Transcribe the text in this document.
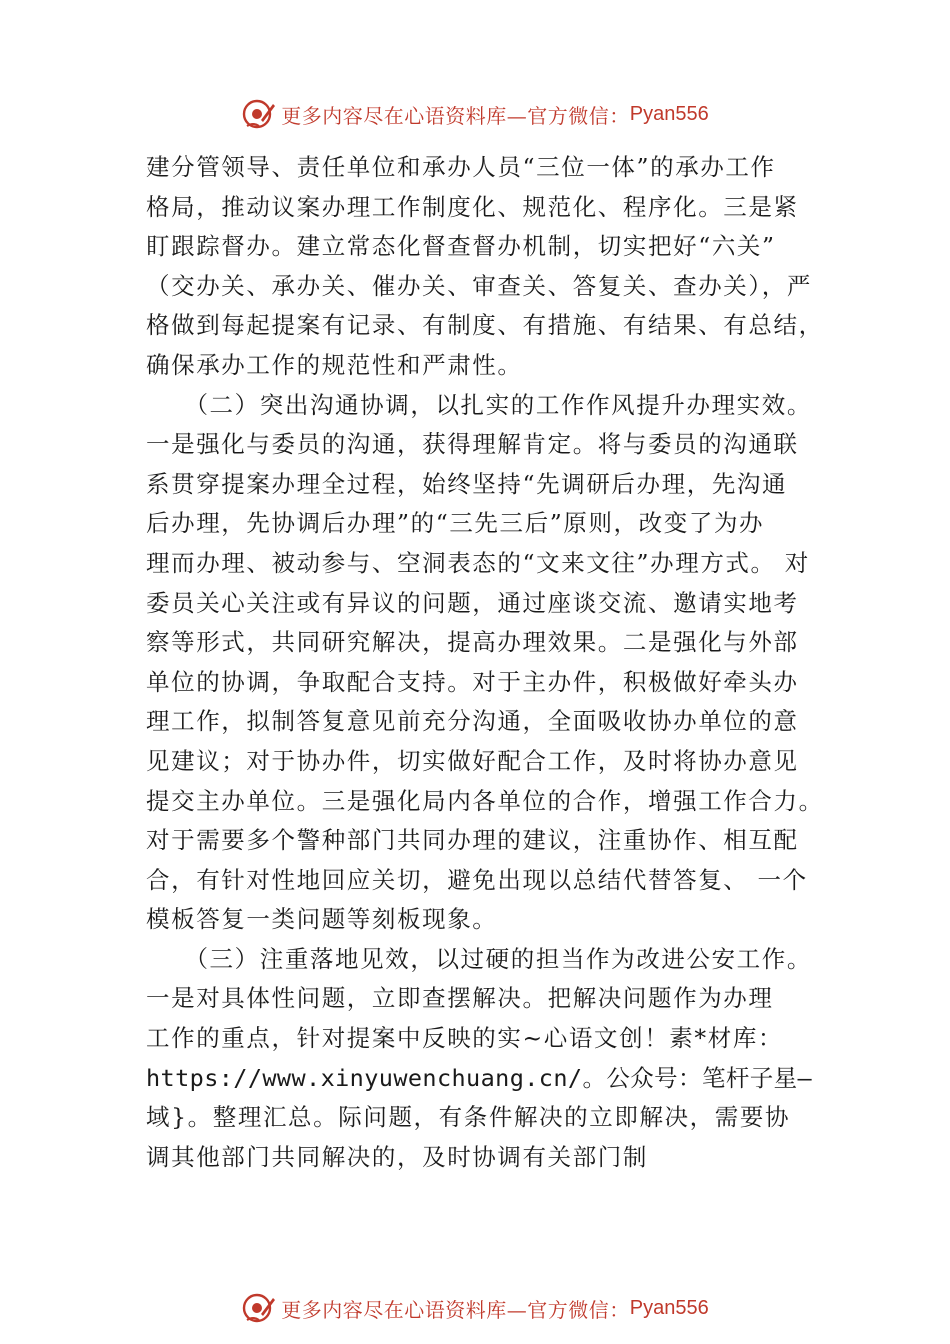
更多内容尽在心语资料库—官方微信： Pyan556
建分管领导、责任单位和承办人员“三位一体”的承办工作
格局，推动议案办理工作制度化、规范化、程序化。三是紧
盯跟踪督办。建立常态化督查督办机制，切实把好“六关”
（交办关、承办关、催办关、审查关、答复关、查办关），严
格做到每起提案有记录、有制度、有措施、有结果、有总结，
确保承办工作的规范性和严肃性。
　　（二）突出沟通协调，以扎实的工作作风提升办理实效。
一是强化与委员的沟通，获得理解肯定。将与委员的沟通联
系贯穿提案办理全过程，始终坚持“先调研后办理，先沟通
后办理，先协调后办理”的“三先三后”原则，改变了为办
理而办理、被动参与、空洞表态的“文来文往”办理方式。 对
委员关心关注或有异议的问题，通过座谈交流、邀请实地考
察等形式，共同研究解决，提高办理效果。二是强化与外部
单位的协调，争取配合支持。对于主办件，积极做好牵头办
理工作，拟制答复意见前充分沟通，全面吸收协办单位的意
见建议；对于协办件，切实做好配合工作，及时将协办意见
提交主办单位。三是强化局内各单位的合作，增强工作合力。
对于需要多个警种部门共同办理的建议，注重协作、相互配
合，有针对性地回应关切，避免出现以总结代替答复、 一个
模板答复一类问题等刻板现象。
　　（三）注重落地见效，以过硬的担当作为改进公安工作。
一是对具体性问题，立即查摆解决。把解决问题作为办理
工作的重点，针对提案中反映的实~心语文创！素*材库：
https://www.xinyuwenchuang.cn/。公众号：笔杆子星—
域}。整理汇总。际问题，有条件解决的立即解决，需要协
调其他部门共同解决的，及时协调有关部门制
更多内容尽在心语资料库—官方微信： Pyan556
